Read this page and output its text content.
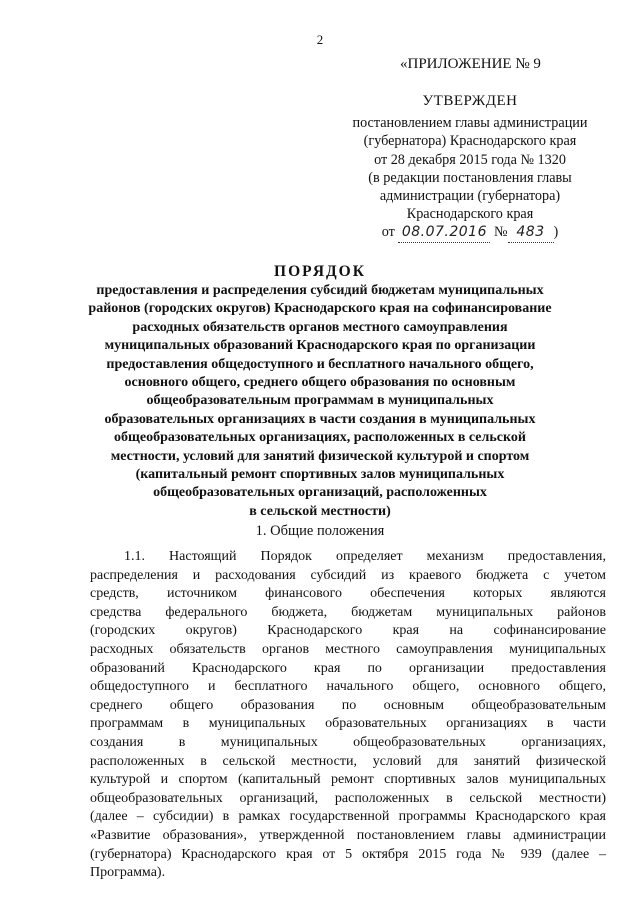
2
«ПРИЛОЖЕНИЕ № 9
УТВЕРЖДЕН
постановлением главы администрации
(губернатора) Краснодарского края
от 28 декабря 2015 года № 1320
(в редакции постановления главы
администрации (губернатора)
Краснодарского края
от 08.07.2016 № 483 )
ПОРЯДОК
предоставления и распределения субсидий бюджетам муниципальных
районов (городских округов) Краснодарского края на софинансирование
расходных обязательств органов местного самоуправления
муниципальных образований Краснодарского края по организации
предоставления общедоступного и бесплатного начального общего,
основного общего, среднего общего образования по основным
общеобразовательным программам в муниципальных
образовательных организациях в части создания в муниципальных
общеобразовательных организациях, расположенных в сельской
местности, условий для занятий физической культурой и спортом
(капитальный ремонт спортивных залов муниципальных
общеобразовательных организаций, расположенных
в сельской местности)
1. Общие положения
1.1. Настоящий Порядок определяет механизм предоставления,
распределения и расходования субсидий из краевого бюджета с учетом
средств, источником финансового обеспечения которых являются
средства федерального бюджета, бюджетам муниципальных районов
(городских округов) Краснодарского края на софинансирование
расходных обязательств органов местного самоуправления муниципальных
образований Краснодарского края по организации предоставления
общедоступного и бесплатного начального общего, основного общего,
среднего общего образования по основным общеобразовательным
программам в муниципальных образовательных организациях в части
создания в муниципальных общеобразовательных организациях,
расположенных в сельской местности, условий для занятий физической
культурой и спортом (капитальный ремонт спортивных залов муниципальных
общеобразовательных организаций, расположенных в сельской местности)
(далее – субсидии) в рамках государственной программы Краснодарского края
«Развитие образования», утвержденной постановлением главы администрации
(губернатора) Краснодарского края от 5 октября 2015 года № 939 (далее –
Программа).
